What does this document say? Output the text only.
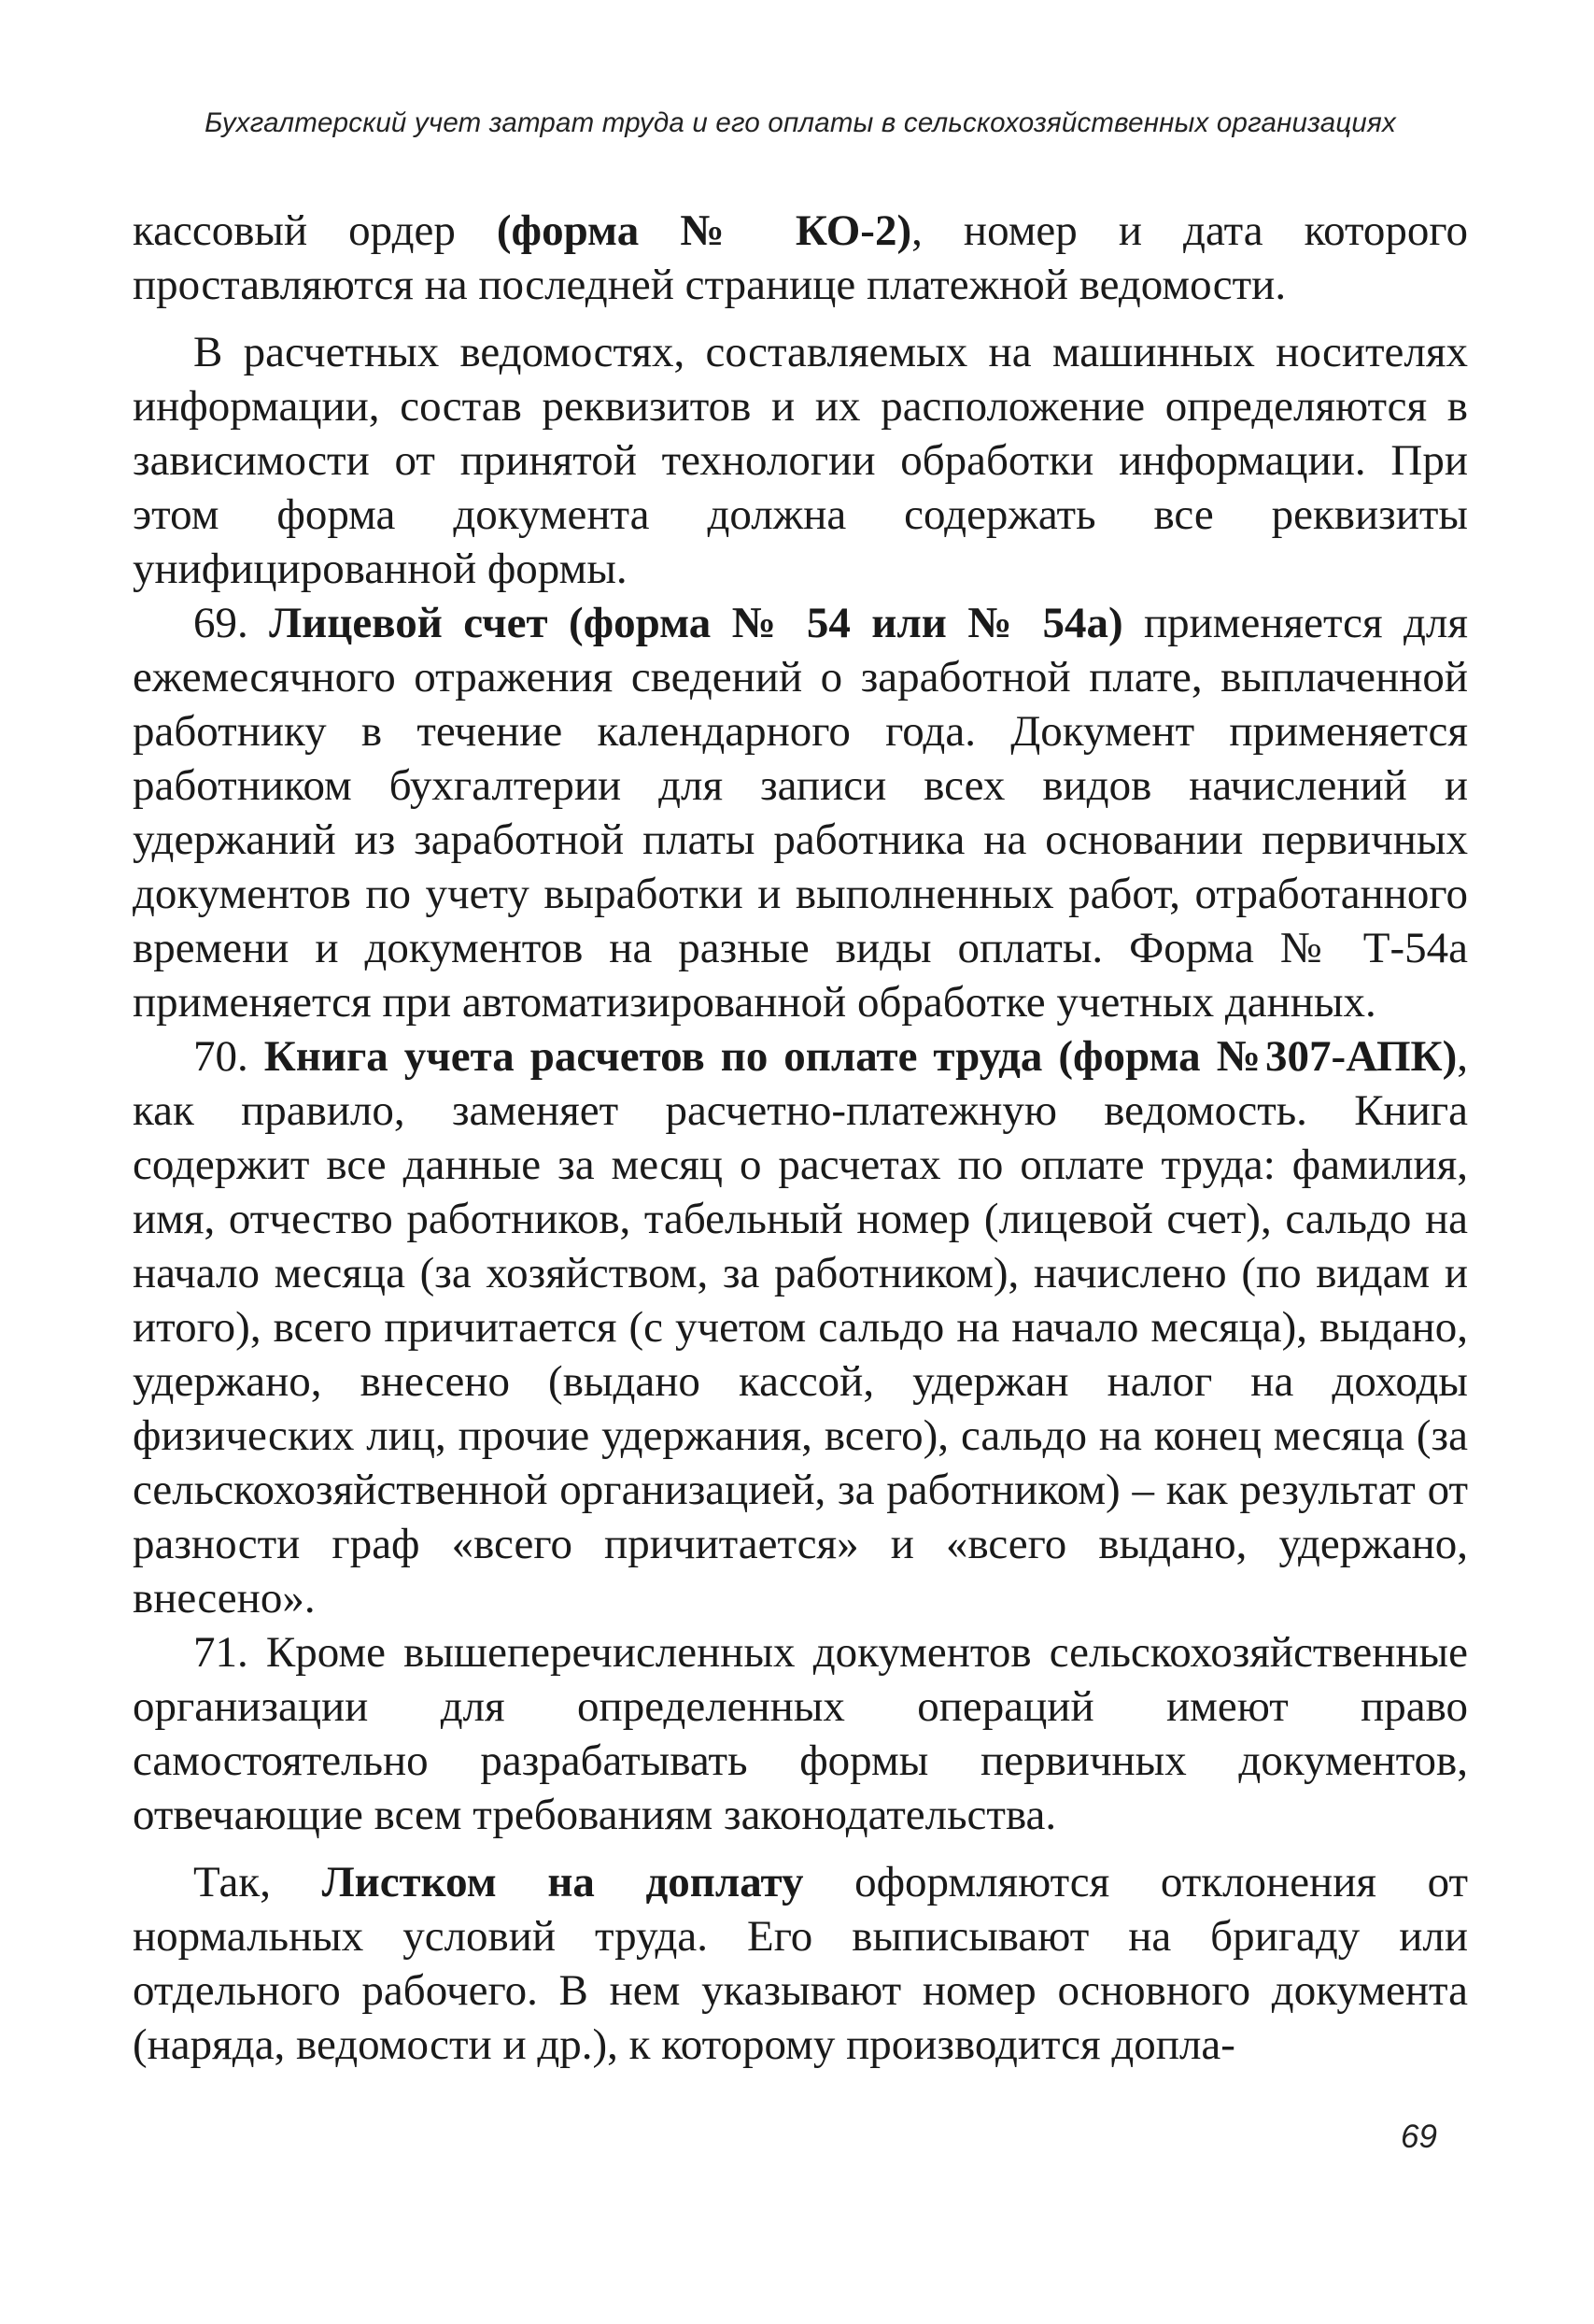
Бухгалтерский учет затрат труда и его оплаты в сельскохозяйственных организациях

кассовый ордер (форма № КО-2), номер и дата которого проставляются на последней странице платежной ведомости.

В расчетных ведомостях, составляемых на машинных носителях информации, состав реквизитов и их расположение определяются в зависимости от принятой технологии обработки информации. При этом форма документа должна содержать все реквизиты унифицированной формы.

69. Лицевой счет (форма № 54 или № 54а) применяется для ежемесячного отражения сведений о заработной плате, выплаченной работнику в течение календарного года. Документ применяется работником бухгалтерии для записи всех видов начислений и удержаний из заработной платы работника на основании первичных документов по учету выработки и выполненных работ, отработанного времени и документов на разные виды оплаты. Форма № Т-54а применяется при автоматизированной обработке учетных данных.

70. Книга учета расчетов по оплате труда (форма №307-АПК), как правило, заменяет расчетно-платежную ведомость. Книга содержит все данные за месяц о расчетах по оплате труда: фамилия, имя, отчество работников, табельный номер (лицевой счет), сальдо на начало месяца (за хозяйством, за работником), начислено (по видам и итого), всего причитается (с учетом сальдо на начало месяца), выдано, удержано, внесено (выдано кассой, удержан налог на доходы физических лиц, прочие удержания, всего), сальдо на конец месяца (за сельскохозяйственной организацией, за работником) – как результат от разности граф «всего причитается» и «всего выдано, удержано, внесено».

71. Кроме вышеперечисленных документов сельскохозяйственные организации для определенных операций имеют право самостоятельно разрабатывать формы первичных документов, отвечающие всем требованиям законодательства.

Так, Листком на доплату оформляются отклонения от нормальных условий труда. Его выписывают на бригаду или отдельного рабочего. В нем указывают номер основного документа (наряда, ведомости и др.), к которому производится допла-

69
